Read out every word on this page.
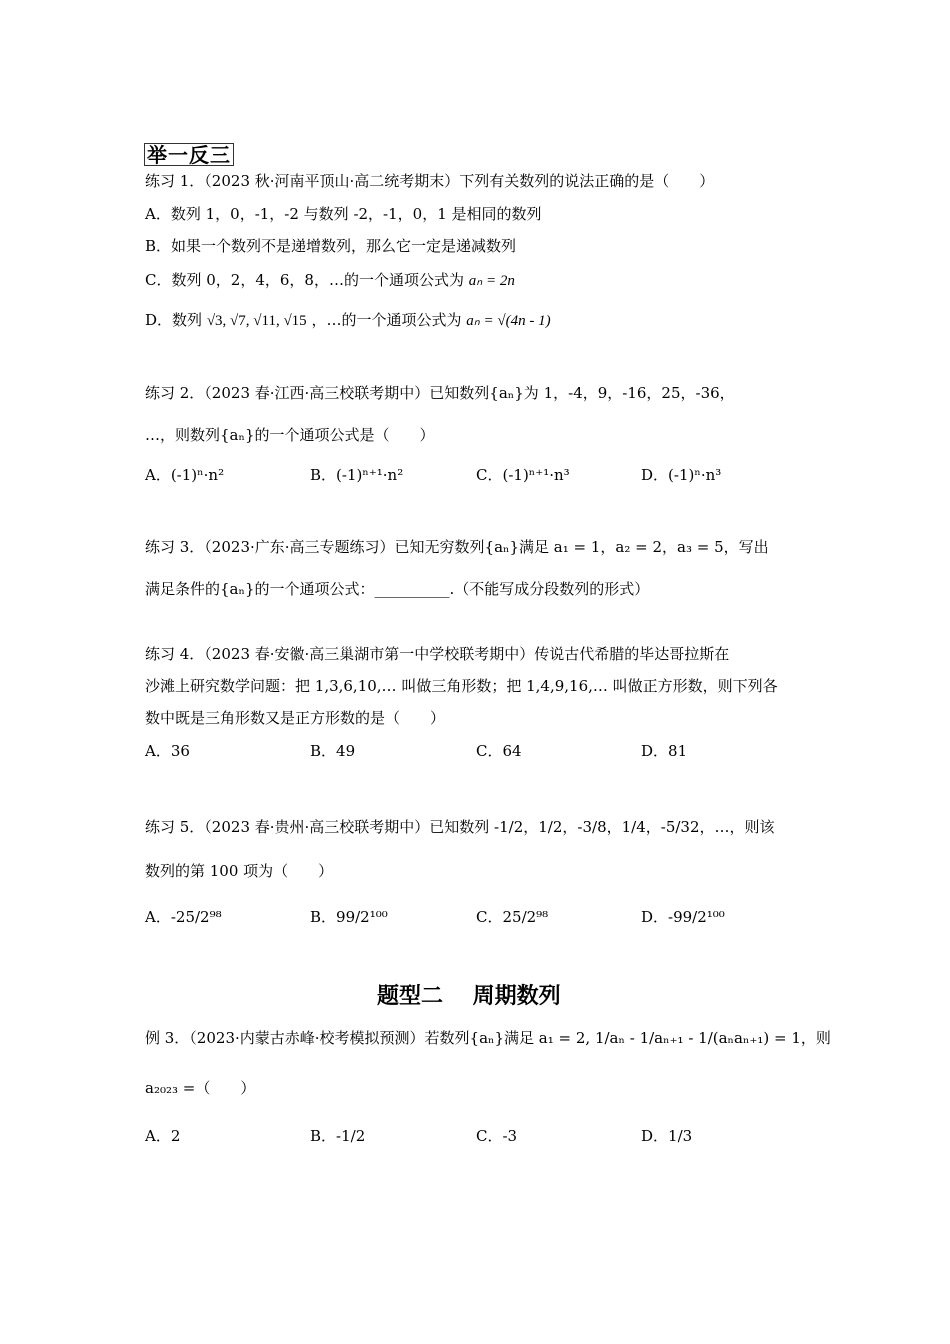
举一反三
练习 1．（2023 秋·河南平顶山·高二统考期末）下列有关数列的说法正确的是（　　）
A．数列 1，0，-1，-2 与数列 -2，-1，0，1 是相同的数列
B．如果一个数列不是递增数列，那么它一定是递减数列
C．数列 0，2，4，6，8，…的一个通项公式为 aₙ = 2n
D．数列 √3, √7, √11, √15 ，…的一个通项公式为 aₙ = √(4n - 1)
练习 2．（2023 春·江西·高三校联考期中）已知数列{aₙ}为 1，-4，9，-16，25，-36，
…，则数列{aₙ}的一个通项公式是（　　）
A．(-1)ⁿ·n²	B．(-1)ⁿ⁺¹·n²	C．(-1)ⁿ⁺¹·n³	D．(-1)ⁿ·n³
练习 3．（2023·广东·高三专题练习）已知无穷数列{aₙ}满足 a₁ = 1，a₂ = 2，a₃ = 5，写出
满足条件的{aₙ}的一个通项公式：__________.（不能写成分段数列的形式）
练习 4．（2023 春·安徽·高三巢湖市第一中学校联考期中）传说古代希腊的毕达哥拉斯在
沙滩上研究数学问题：把 1,3,6,10,… 叫做三角形数；把 1,4,9,16,… 叫做正方形数，则下列各
数中既是三角形数又是正方形数的是（　　）
A．36	B．49	C．64	D．81
练习 5．（2023 春·贵州·高三校联考期中）已知数列 -1/2，1/2，-3/8，1/4，-5/32，…，则该
数列的第 100 项为（　　）
A．-25/2⁹⁸	B．99/2¹⁰⁰	C．25/2⁹⁸	D．-99/2¹⁰⁰
题型二　 周期数列
例 3．（2023·内蒙古赤峰·校考模拟预测）若数列{aₙ}满足 a₁ = 2, 1/aₙ - 1/aₙ₊₁ - 1/(aₙaₙ₊₁) = 1，则
a₂₀₂₃ =（　　）
A．2	B．-1/2	C．-3	D．1/3
